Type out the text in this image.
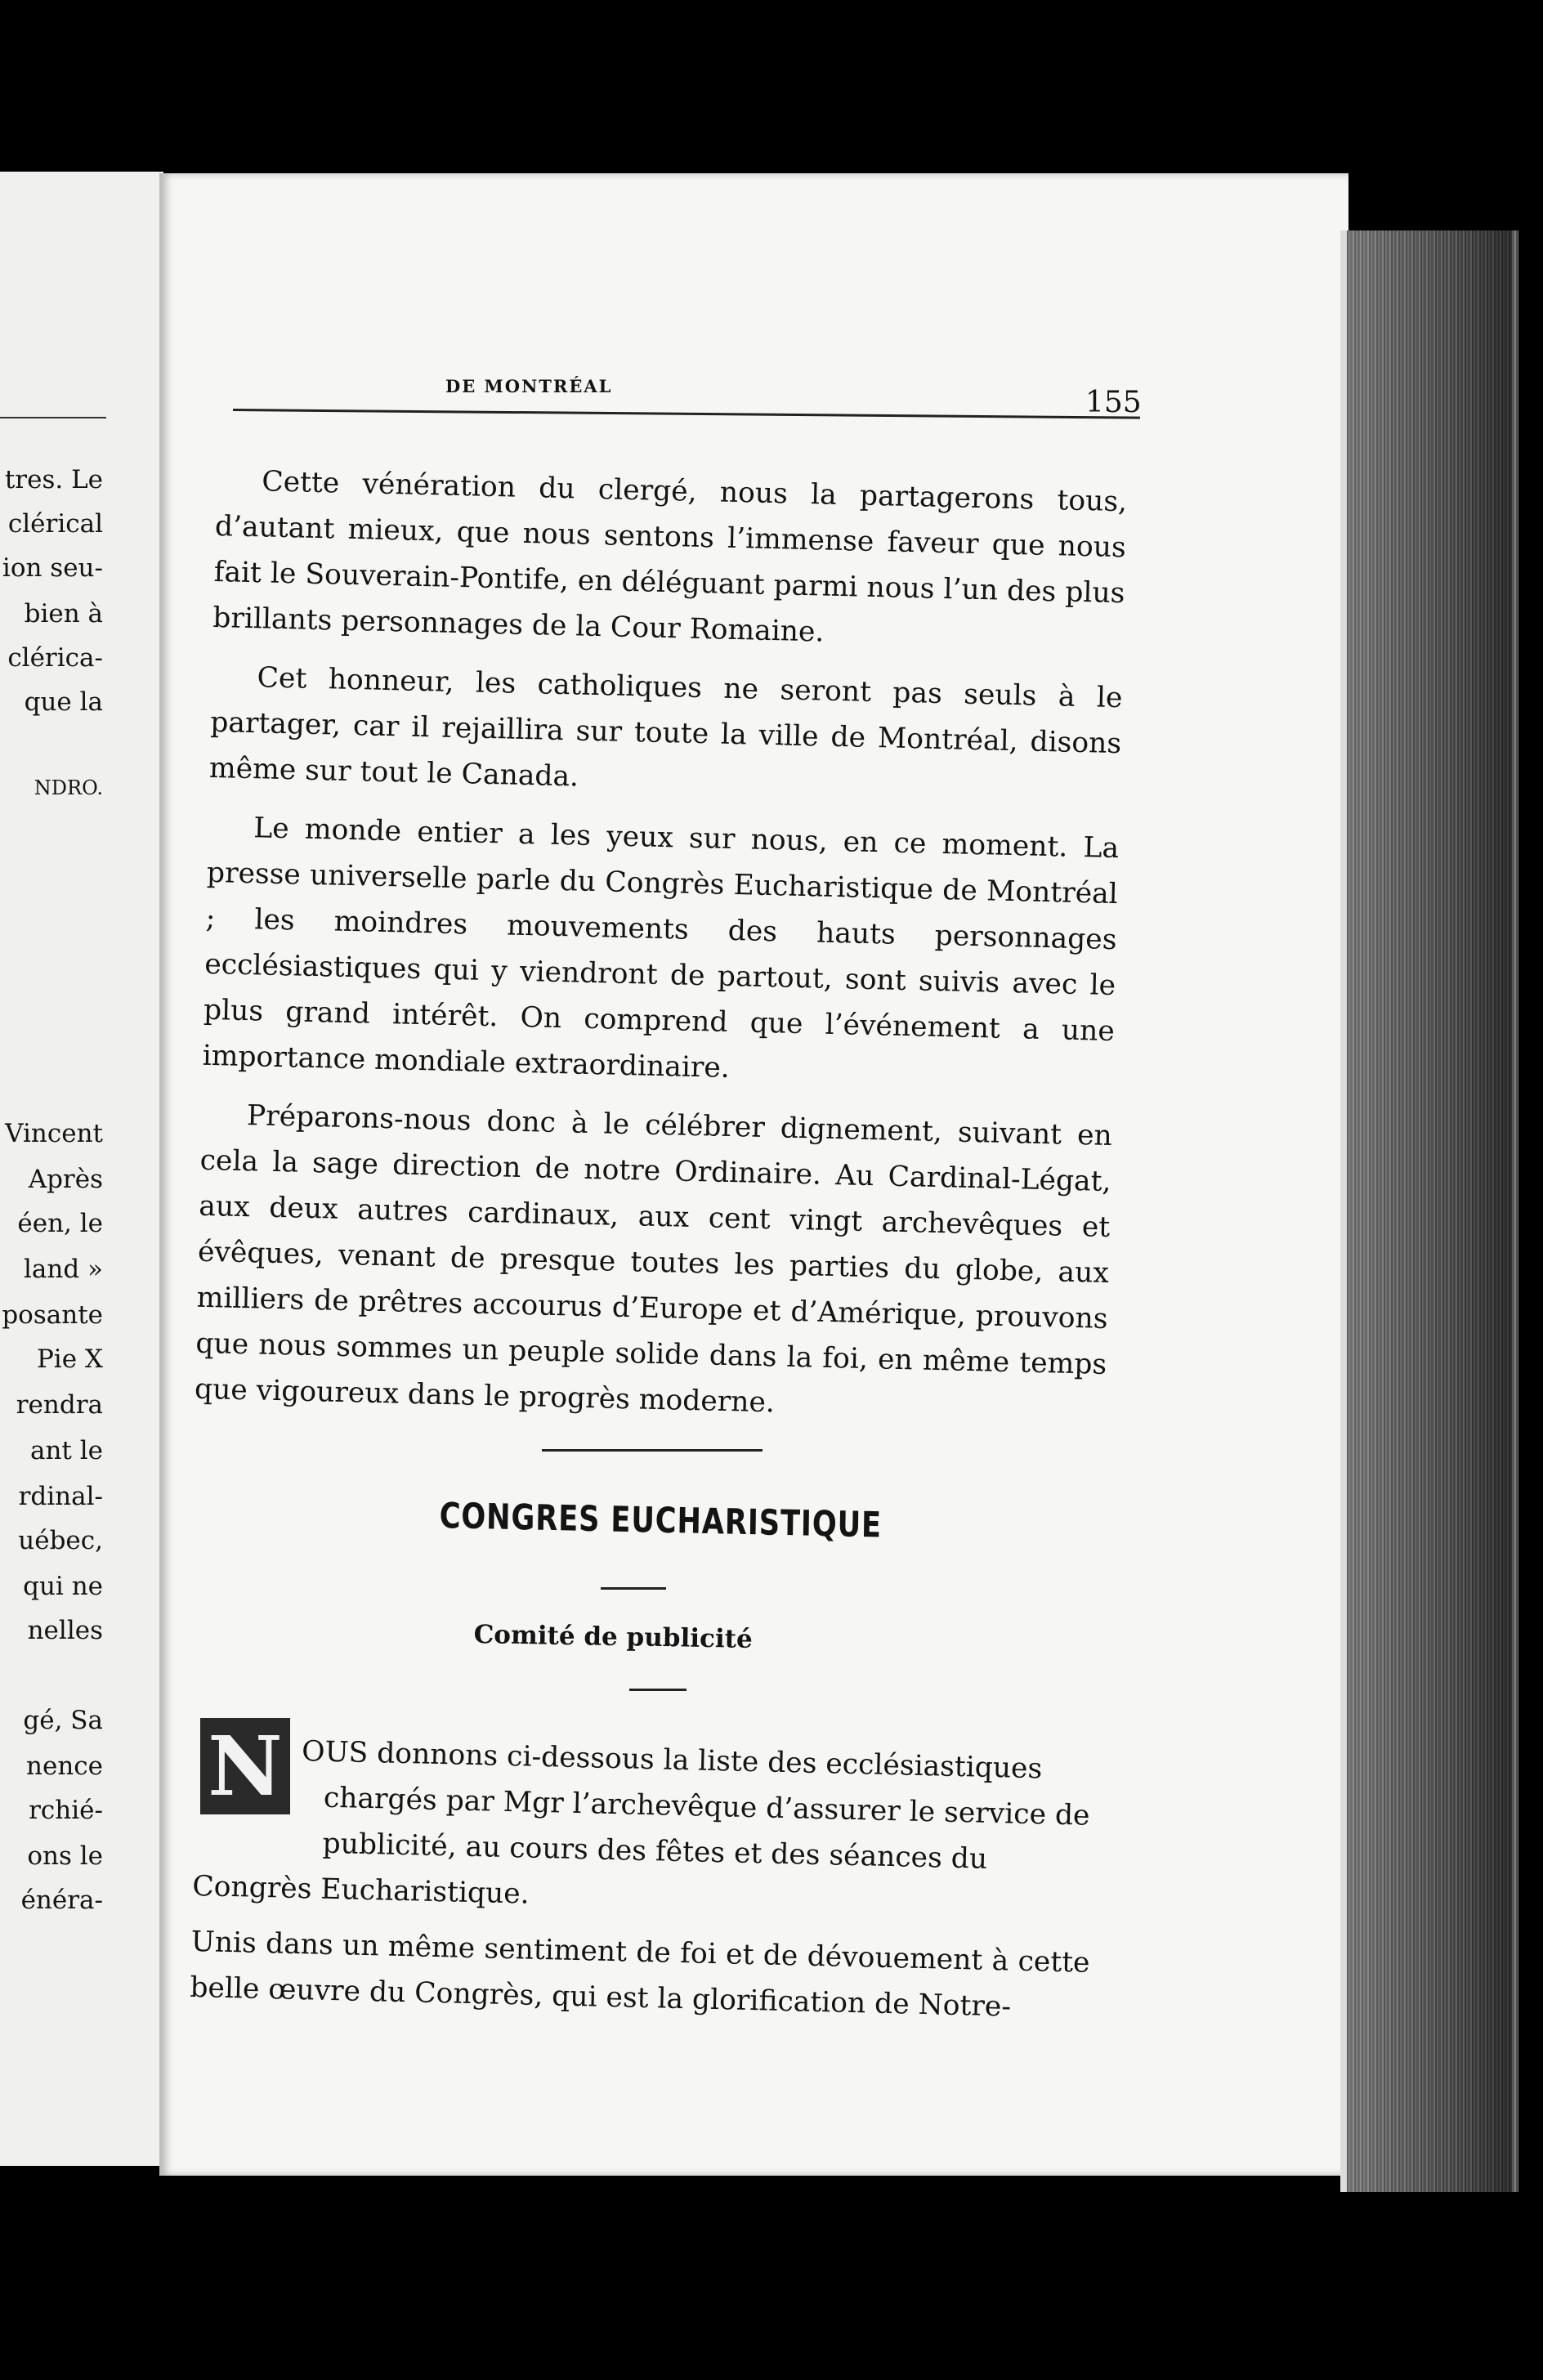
tres. Le
clérical
ion seu-
bien à
clérica-
que la
NDRO.
Vincent
Après
éen, le
land »
posante
Pie X
rendra
ant le
rdinal-
uébec,
qui ne
nelles
gé, Sa
nence
rchié-
ons le
énéra-
DE MONTRÉAL	155

Cette vénération du clergé, nous la partagerons tous, d’autant mieux, que nous sentons l’immense faveur que nous fait le Souverain-Pontife, en déléguant parmi nous l’un des plus brillants personnages de la Cour Romaine.

Cet honneur, les catholiques ne seront pas seuls à le partager, car il rejaillira sur toute la ville de Montréal, disons même sur tout le Canada.

Le monde entier a les yeux sur nous, en ce moment. La presse universelle parle du Congrès Eucharistique de Montréal ; les moindres mouvements des hauts personnages ecclésiastiques qui y viendront de partout, sont suivis avec le plus grand intérêt. On comprend que l’événement a une importance mondiale extraordinaire.

Préparons-nous donc à le célébrer dignement, suivant en cela la sage direction de notre Ordinaire. Au Cardinal-Légat, aux deux autres cardinaux, aux cent vingt archevêques et évêques, venant de presque toutes les parties du globe, aux milliers de prêtres accourus d’Europe et d’Amérique, prouvons que nous sommes un peuple solide dans la foi, en même temps que vigoureux dans le progrès moderne.

CONGRES EUCHARISTIQUE
Comité de publicité
N OUS donnons ci-dessous la liste des ecclésiastiques
chargés par Mgr l’archevêque d’assurer le service de
publicité, au cours des fêtes et des séances du
Congrès Eucharistique.

Unis dans un même sentiment de foi et de dévouement à cette belle œuvre du Congrès, qui est la glorification de Notre-
